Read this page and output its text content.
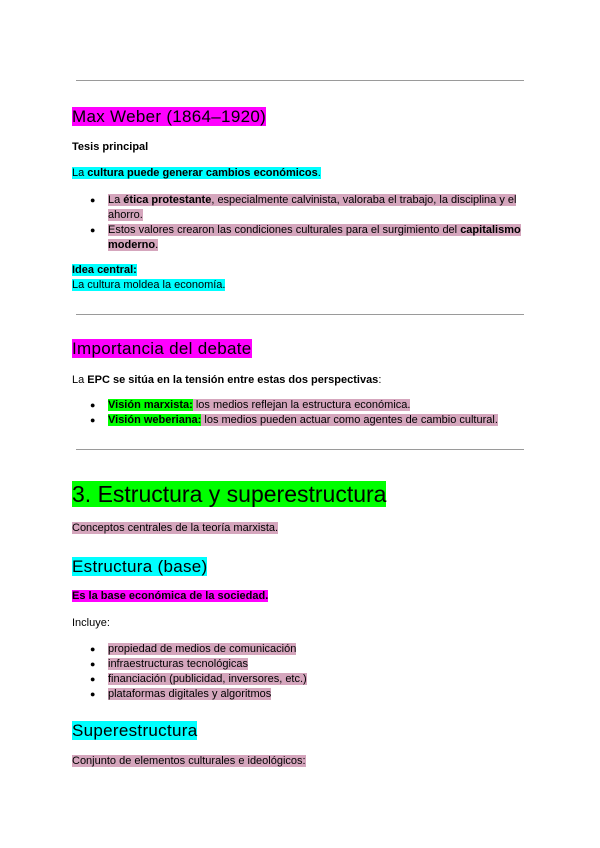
Max Weber (1864–1920)
Tesis principal
La cultura puede generar cambios económicos.
● La ética protestante, especialmente calvinista, valoraba el trabajo, la disciplina y el ahorro.
● Estos valores crearon las condiciones culturales para el surgimiento del capitalismo moderno.
Idea central:
La cultura moldea la economía.
Importancia del debate
La EPC se sitúa en la tensión entre estas dos perspectivas:
● Visión marxista: los medios reflejan la estructura económica.
● Visión weberiana: los medios pueden actuar como agentes de cambio cultural.
3. Estructura y superestructura
Conceptos centrales de la teoría marxista.
Estructura (base)
Es la base económica de la sociedad.
Incluye:
● propiedad de medios de comunicación
● infraestructuras tecnológicas
● financiación (publicidad, inversores, etc.)
● plataformas digitales y algoritmos
Superestructura
Conjunto de elementos culturales e ideológicos:
